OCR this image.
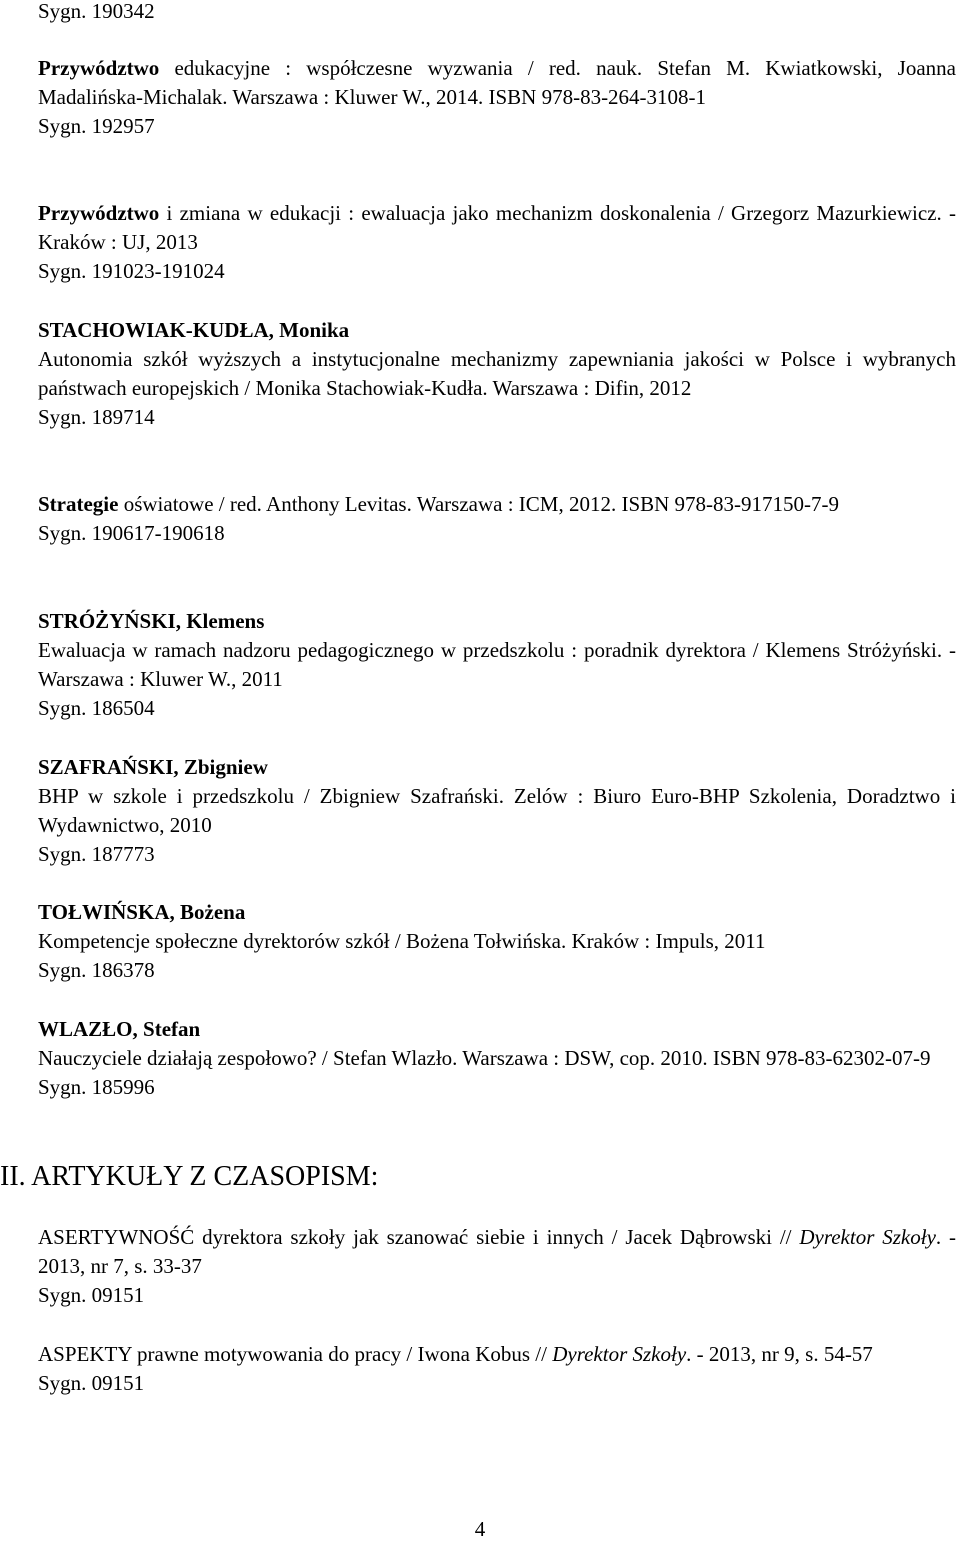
Sygn. 190342

Przywództwo edukacyjne : współczesne wyzwania / red. nauk. Stefan M. Kwiatkowski, Joanna Madalińska-Michalak. Warszawa : Kluwer W., 2014. ISBN 978-83-264-3108-1

Sygn. 192957

Przywództwo i zmiana w edukacji : ewaluacja jako mechanizm doskonalenia / Grzegorz Mazurkiewicz. - Kraków : UJ, 2013

Sygn. 191023-191024

STACHOWIAK-KUDŁA, Monika

Autonomia szkół wyższych a instytucjonalne mechanizmy zapewniania jakości w Polsce i wybranych państwach europejskich / Monika Stachowiak-Kudła. Warszawa : Difin, 2012

Sygn. 189714

Strategie oświatowe / red. Anthony Levitas. Warszawa : ICM, 2012. ISBN 978-83-917150-7-9

Sygn. 190617-190618

STRÓŻYŃSKI, Klemens

Ewaluacja w ramach nadzoru pedagogicznego w przedszkolu : poradnik dyrektora / Klemens Stróżyński. - Warszawa : Kluwer W., 2011

Sygn. 186504

SZAFRAŃSKI, Zbigniew

BHP w szkole i przedszkolu / Zbigniew Szafrański. Zelów : Biuro Euro-BHP Szkolenia, Doradztwo i Wydawnictwo, 2010

Sygn. 187773

TOŁWIŃSKA, Bożena

Kompetencje społeczne dyrektorów szkół / Bożena Tołwińska. Kraków : Impuls, 2011

Sygn. 186378

WLAZŁO, Stefan

Nauczyciele działają zespołowo? / Stefan Wlazło. Warszawa : DSW, cop. 2010. ISBN 978-83-62302-07-9

Sygn. 185996

II. ARTYKUŁY Z CZASOPISM:

ASERTYWNOŚĆ dyrektora szkoły jak szanować siebie i innych / Jacek Dąbrowski // Dyrektor Szkoły. - 2013, nr 7, s. 33-37

Sygn. 09151

ASPEKTY prawne motywowania do pracy / Iwona Kobus // Dyrektor Szkoły. - 2013, nr 9, s. 54-57

Sygn. 09151

4
